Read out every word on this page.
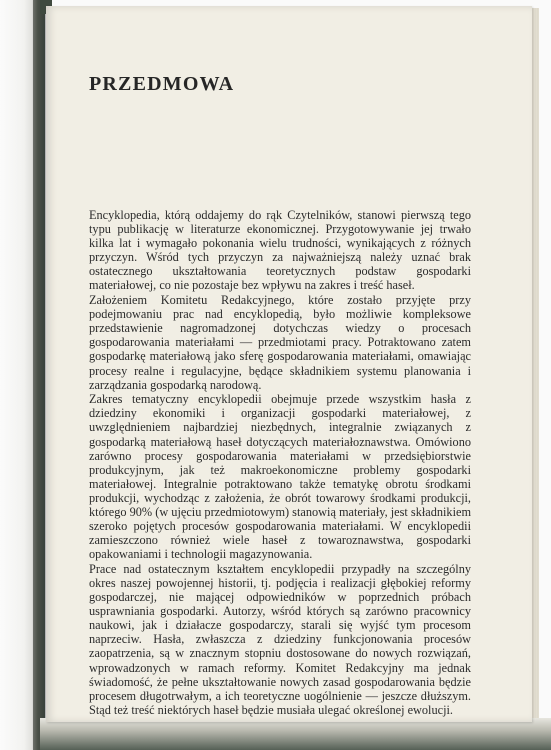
PRZEDMOWA

Encyklopedia, którą oddajemy do rąk Czytelników, stanowi pierwszą tego typu publikację w literaturze ekonomicznej. Przygotowywanie jej trwało kilka lat i wymagało pokonania wielu trudności, wynikających z różnych przyczyn. Wśród tych przyczyn za najważniejszą należy uznać brak ostatecznego ukształtowania teoretycznych podstaw gospodarki materiałowej, co nie pozostaje bez wpływu na zakres i treść haseł.

Założeniem Komitetu Redakcyjnego, które zostało przyjęte przy podejmowaniu prac nad encyklopedią, było możliwie kompleksowe przedstawienie nagromadzonej dotychczas wiedzy o procesach gospodarowania materiałami — przedmiotami pracy. Potraktowano zatem gospodarkę materiałową jako sferę gospodarowania materiałami, omawiając procesy realne i regulacyjne, będące składnikiem systemu planowania i zarządzania gospodarką narodową.

Zakres tematyczny encyklopedii obejmuje przede wszystkim hasła z dziedziny ekonomiki i organizacji gospodarki materiałowej, z uwzględnieniem najbardziej niezbędnych, integralnie związanych z gospodarką materiałową haseł dotyczących materiałoznawstwa. Omówiono zarówno procesy gospodarowania materiałami w przedsiębiorstwie produkcyjnym, jak też makroekonomiczne problemy gospodarki materiałowej. Integralnie potraktowano także tematykę obrotu środkami produkcji, wychodząc z założenia, że obrót towarowy środkami produkcji, którego 90% (w ujęciu przedmiotowym) stanowią materiały, jest składnikiem szeroko pojętych procesów gospodarowania materiałami. W encyklopedii zamieszczono również wiele haseł z towaroznawstwa, gospodarki opakowaniami i technologii magazynowania.

Prace nad ostatecznym kształtem encyklopedii przypadły na szczególny okres naszej powojennej historii, tj. podjęcia i realizacji głębokiej reformy gospodarczej, nie mającej odpowiedników w poprzednich próbach usprawniania gospodarki. Autorzy, wśród których są zarówno pracownicy naukowi, jak i działacze gospodarczy, starali się wyjść tym procesom naprzeciw. Hasła, zwłaszcza z dziedziny funkcjonowania procesów zaopatrzenia, są w znacznym stopniu dostosowane do nowych rozwiązań, wprowadzonych w ramach reformy. Komitet Redakcyjny ma jednak świadomość, że pełne ukształtowanie nowych zasad gospodarowania będzie procesem długotrwałym, a ich teoretyczne uogólnienie — jeszcze dłuższym. Stąd też treść niektórych haseł będzie musiała ulegać określonej ewolucji.
